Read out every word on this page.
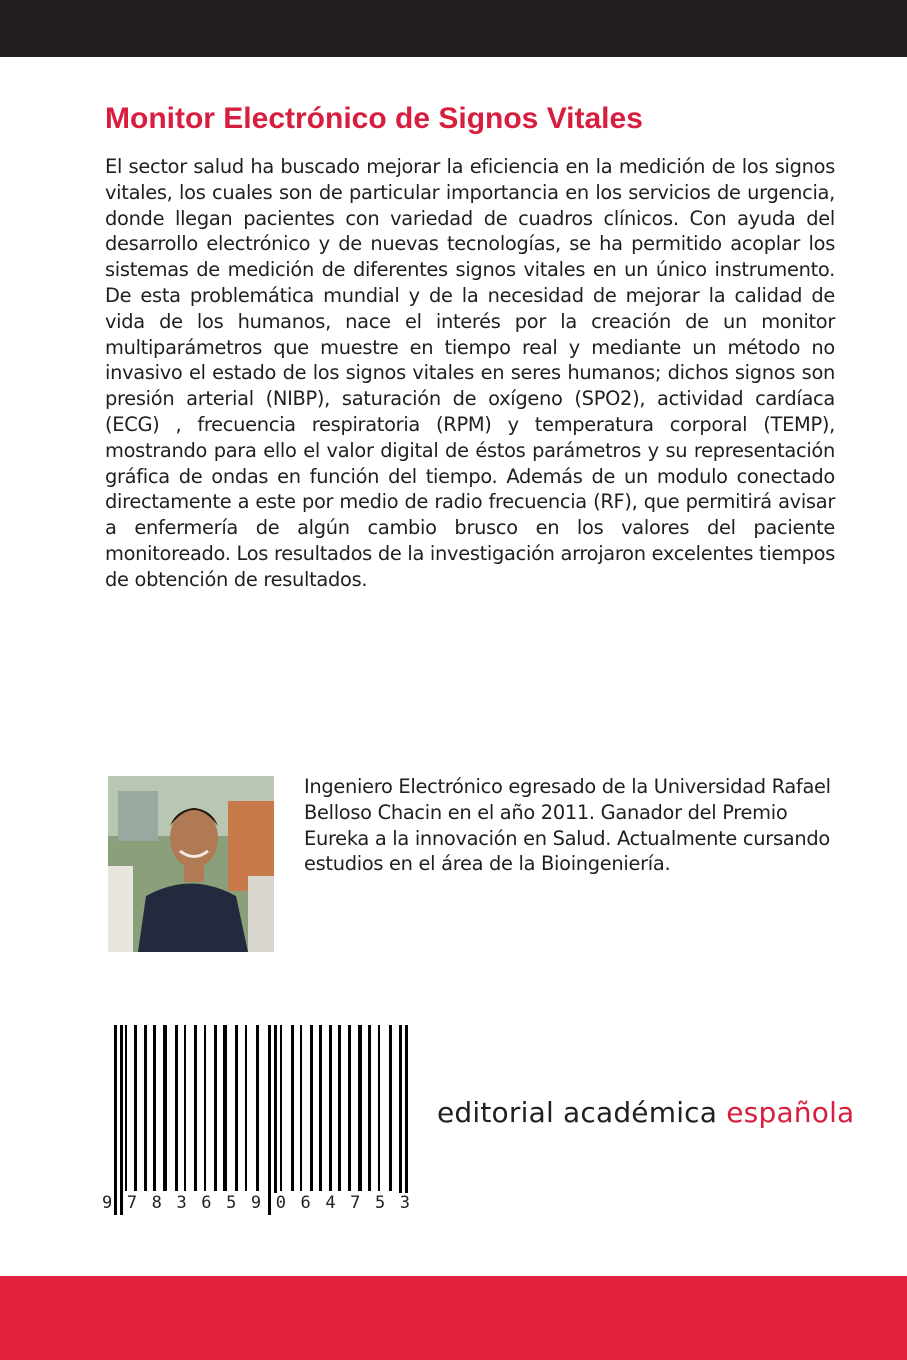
Monitor Electrónico de Signos Vitales

El sector salud ha buscado mejorar la eficiencia en la medición de los signos vitales, los cuales son de particular importancia en los servicios de urgencia, donde llegan pacientes con variedad de cuadros clínicos. Con ayuda del desarrollo electrónico y de nuevas tecnologías, se ha permitido acoplar los sistemas de medición de diferentes signos vitales en un único instrumento. De esta problemática mundial y de la necesidad de mejorar la calidad de vida de los humanos, nace el interés por la creación de un monitor multiparámetros que muestre en tiempo real y mediante un método no invasivo el estado de los signos vitales en seres humanos; dichos signos son presión arterial (NIBP), saturación de oxígeno (SPO2), actividad cardíaca (ECG) , frecuencia respiratoria (RPM) y temperatura corporal (TEMP), mostrando para ello el valor digital de éstos parámetros y su representación gráfica de ondas en función del tiempo. Además de un modulo conectado directamente a este por medio de radio frecuencia (RF), que permitirá avisar a enfermería de algún cambio brusco en los valores del paciente monitoreado. Los resultados de la investigación arrojaron excelentes tiempos de obtención de resultados.

Ingeniero Electrónico egresado de la Universidad Rafael Belloso Chacin en el año 2011. Ganador del Premio Eureka a la innovación en Salud. Actualmente cursando estudios en el área de la Bioingeniería.

9 7 8 3 6 5 9 0 6 4 7 5 3
editorial académica española
